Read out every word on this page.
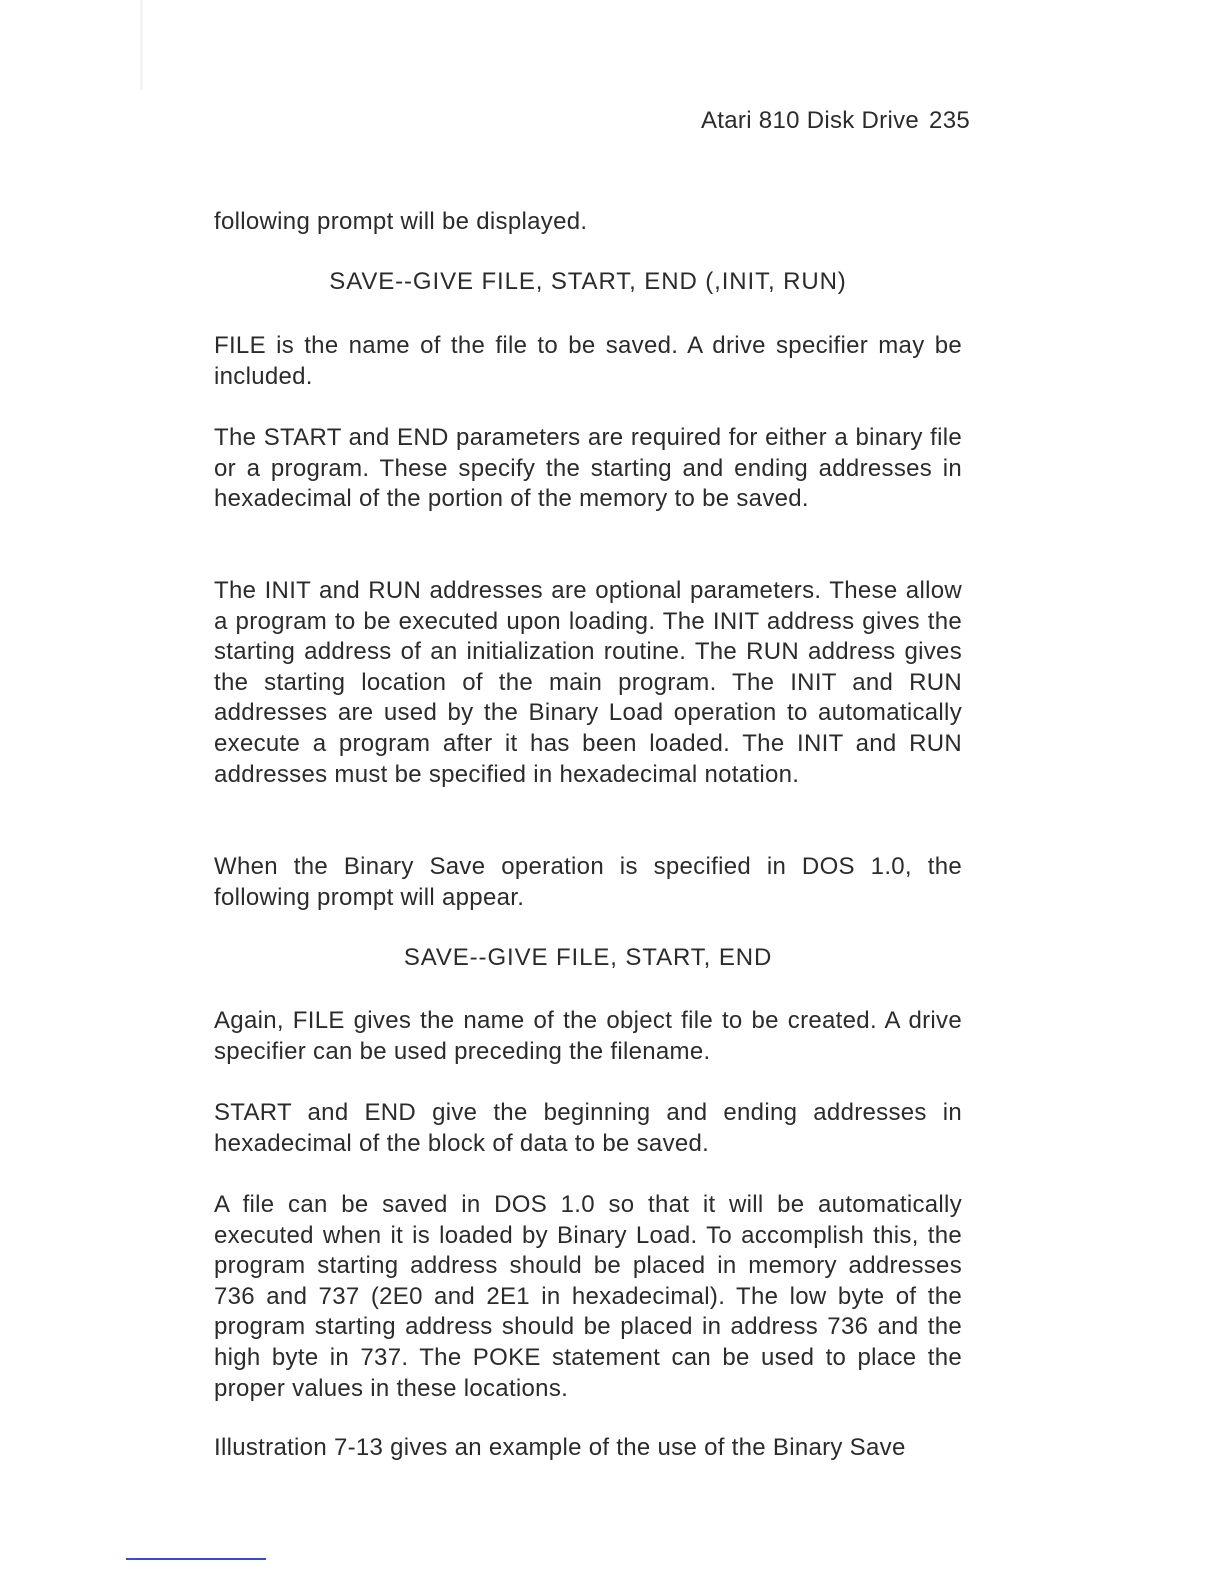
Atari 810 Disk Drive 235

following prompt will be displayed.

SAVE--GIVE FILE, START, END (,INIT, RUN)

FILE is the name of the file to be saved. A drive specifier may be included.

The START and END parameters are required for either a binary file or a program. These specify the starting and ending addresses in hexadecimal of the portion of the memory to be saved.

The INIT and RUN addresses are optional parameters. These allow a program to be executed upon loading. The INIT address gives the starting address of an initialization routine. The RUN address gives the starting location of the main program. The INIT and RUN addresses are used by the Binary Load operation to automatically execute a program after it has been loaded. The INIT and RUN addresses must be specified in hexadecimal notation.

When the Binary Save operation is specified in DOS 1.0, the following prompt will appear.

SAVE--GIVE FILE, START, END

Again, FILE gives the name of the object file to be created. A drive specifier can be used preceding the filename.

START and END give the beginning and ending addresses in hexadecimal of the block of data to be saved.

A file can be saved in DOS 1.0 so that it will be automatically executed when it is loaded by Binary Load. To accomplish this, the program starting address should be placed in memory addresses 736 and 737 (2E0 and 2E1 in hexadecimal). The low byte of the program starting address should be placed in address 736 and the high byte in 737. The POKE statement can be used to place the proper values in these locations.

Illustration 7-13 gives an example of the use of the Binary Save
